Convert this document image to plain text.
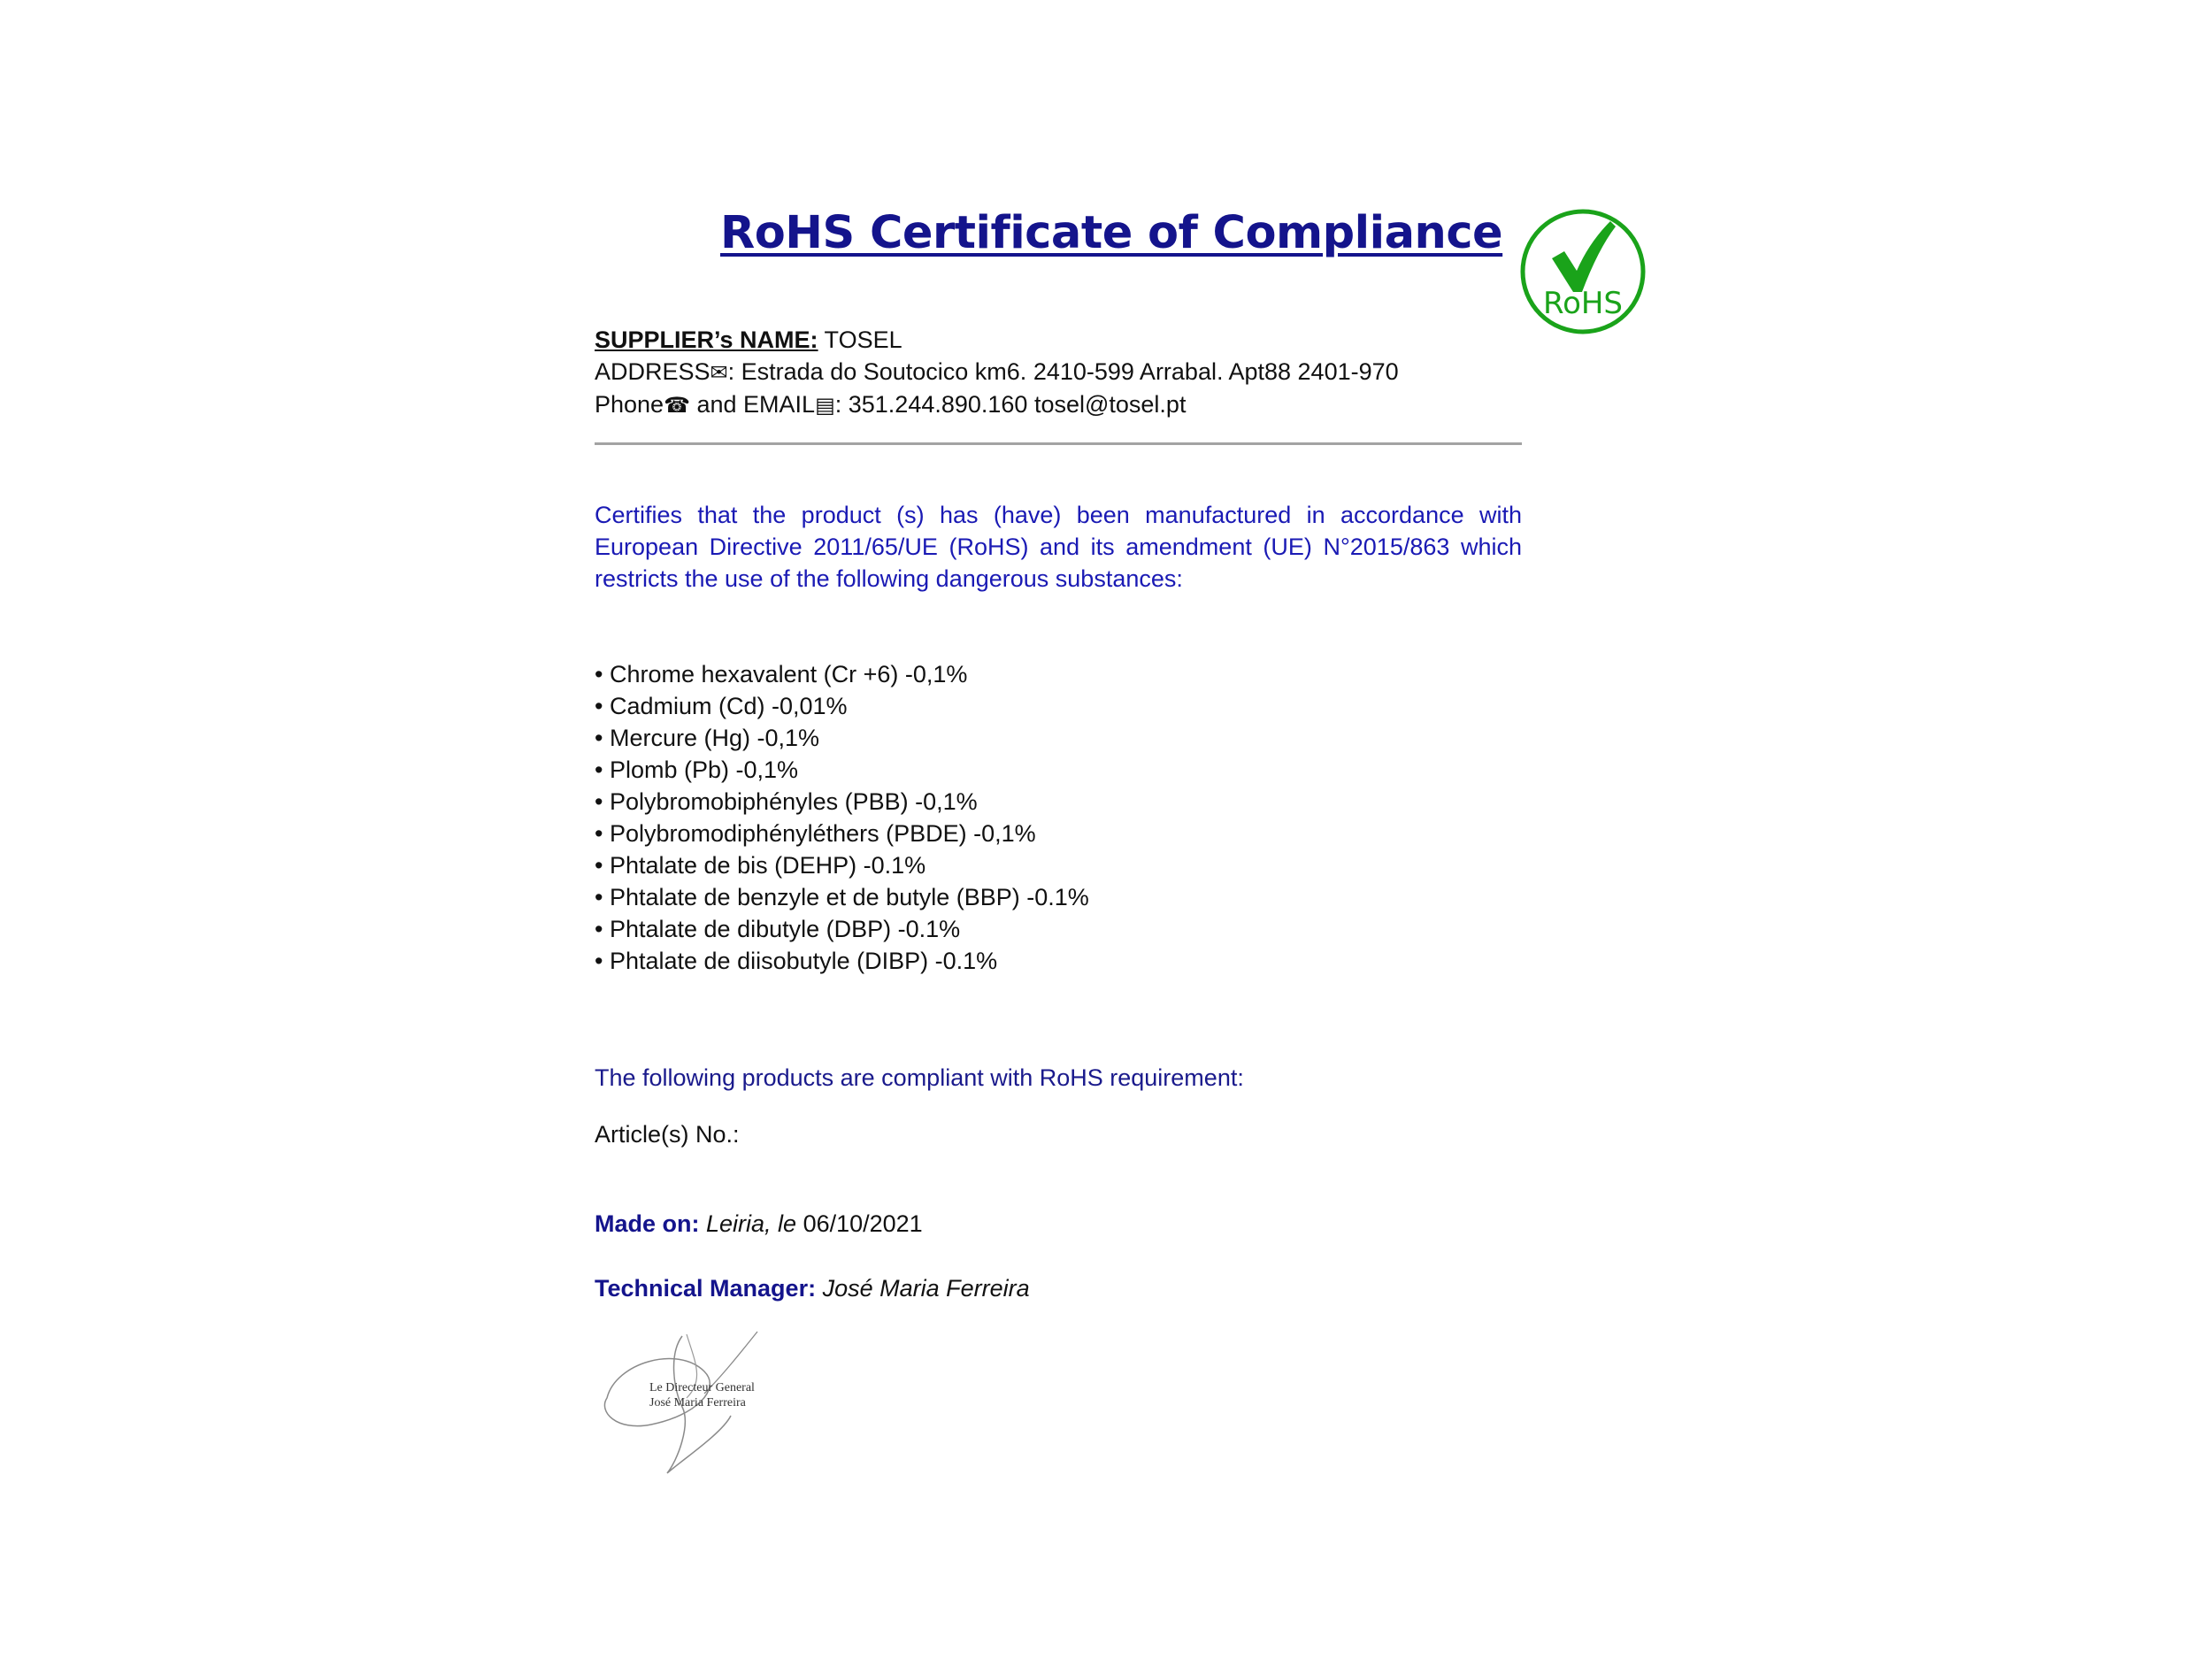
RoHS Certificate of Compliance
RoHS
SUPPLIER’s NAME: TOSEL
ADDRESS✉: Estrada do Soutocico km6. 2410-599 Arrabal. Apt88 2401-970
Phone☎ and EMAIL▤: 351.244.890.160 tosel@tosel.pt
Certifies that the product (s) has (have) been manufactured in accordance with European Directive 2011/65/UE (RoHS) and its amendment (UE) N°2015/863 which restricts the use of the following dangerous substances:
• Chrome hexavalent (Cr +6) -0,1%
• Cadmium (Cd) -0,01%
• Mercure (Hg) -0,1%
• Plomb (Pb) -0,1%
• Polybromobiphényles (PBB) -0,1%
• Polybromodiphényléthers (PBDE) -0,1%
• Phtalate de bis (DEHP) -0.1%
• Phtalate de benzyle et de butyle (BBP) -0.1%
• Phtalate de dibutyle (DBP) -0.1%
• Phtalate de diisobutyle (DIBP) -0.1%
The following products are compliant with RoHS requirement:
Article(s) No.:
Made on: Leiria, le 06/10/2021
Technical Manager: José Maria Ferreira
Le Directeur General
José Maria Ferreira
